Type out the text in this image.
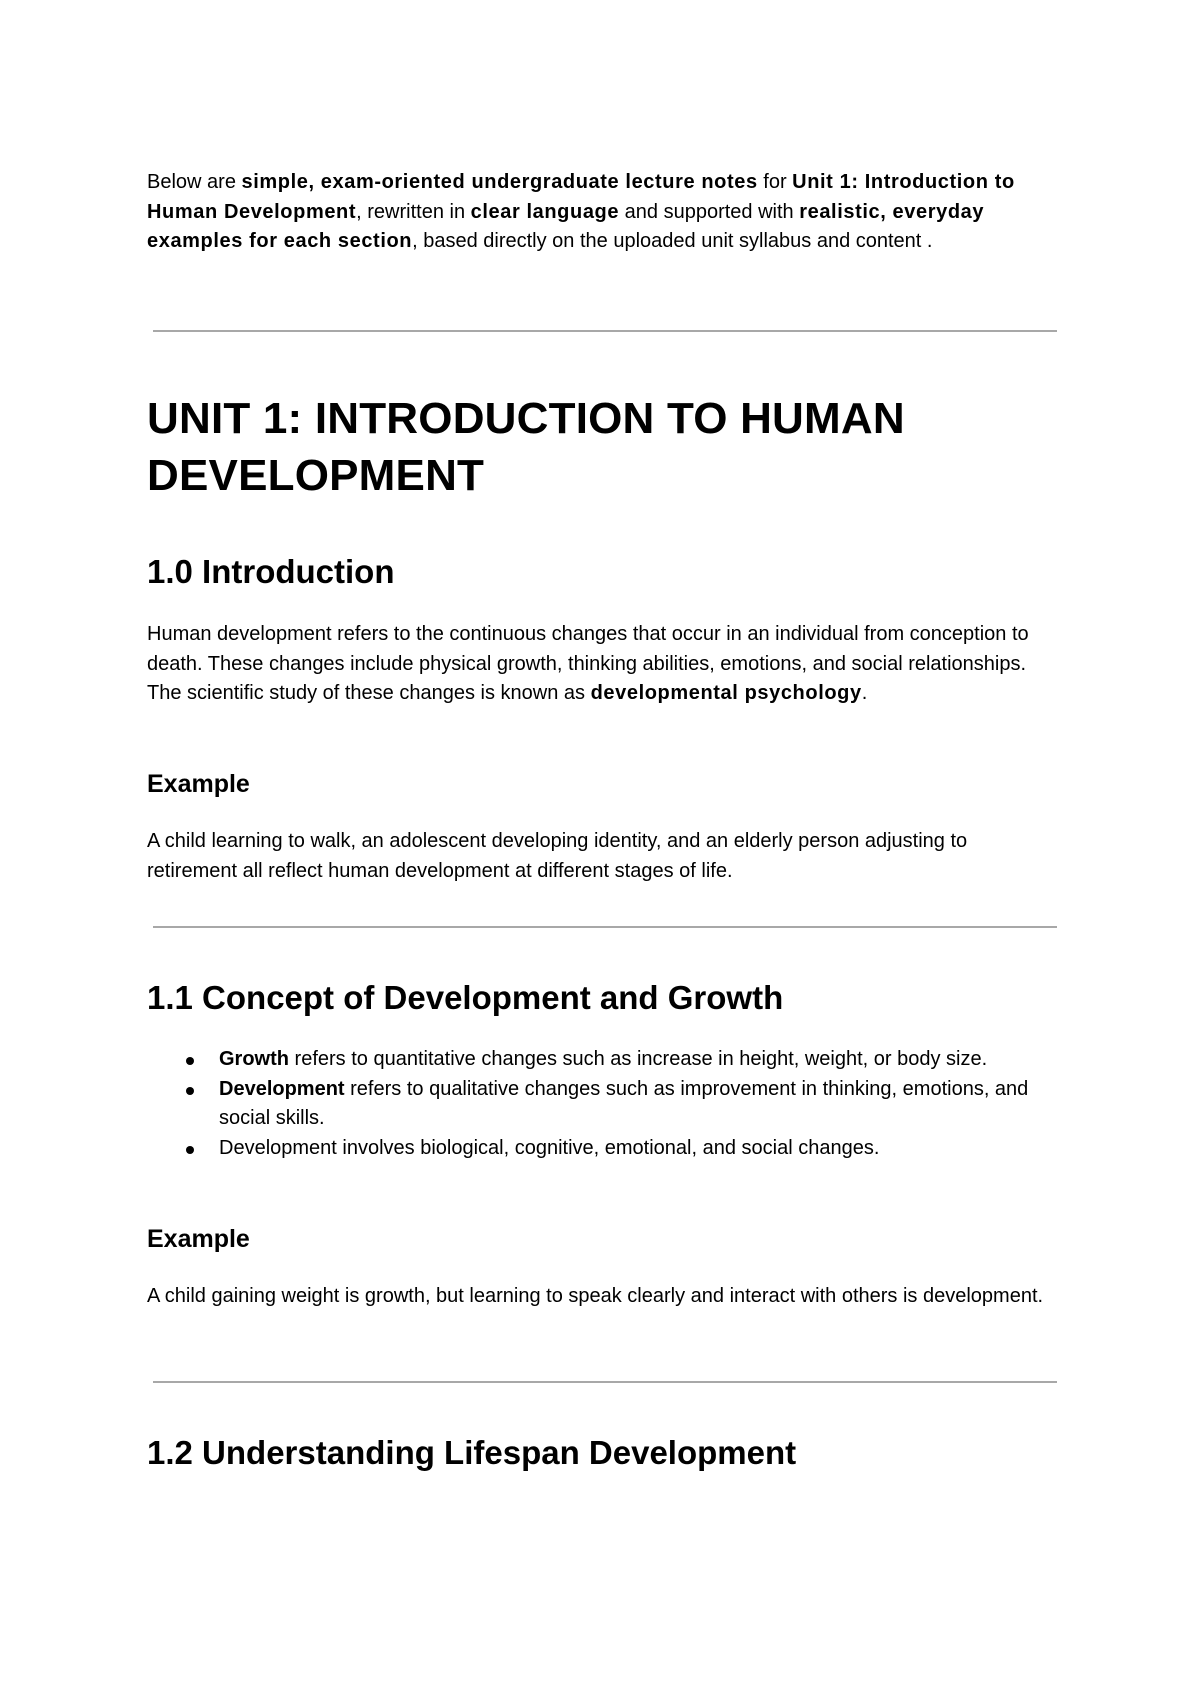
Below are simple, exam-oriented undergraduate lecture notes for Unit 1: Introduction to Human Development, rewritten in clear language and supported with realistic, everyday examples for each section, based directly on the uploaded unit syllabus and content .

UNIT 1: INTRODUCTION TO HUMAN DEVELOPMENT
1.0 Introduction

Human development refers to the continuous changes that occur in an individual from conception to death. These changes include physical growth, thinking abilities, emotions, and social relationships. The scientific study of these changes is known as developmental psychology.

Example

A child learning to walk, an adolescent developing identity, and an elderly person adjusting to retirement all reflect human development at different stages of life.

1.1 Concept of Development and Growth
Growth refers to quantitative changes such as increase in height, weight, or body size.
Development refers to qualitative changes such as improvement in thinking, emotions, and social skills.
Development involves biological, cognitive, emotional, and social changes.
Example

A child gaining weight is growth, but learning to speak clearly and interact with others is development.

1.2 Understanding Lifespan Development
